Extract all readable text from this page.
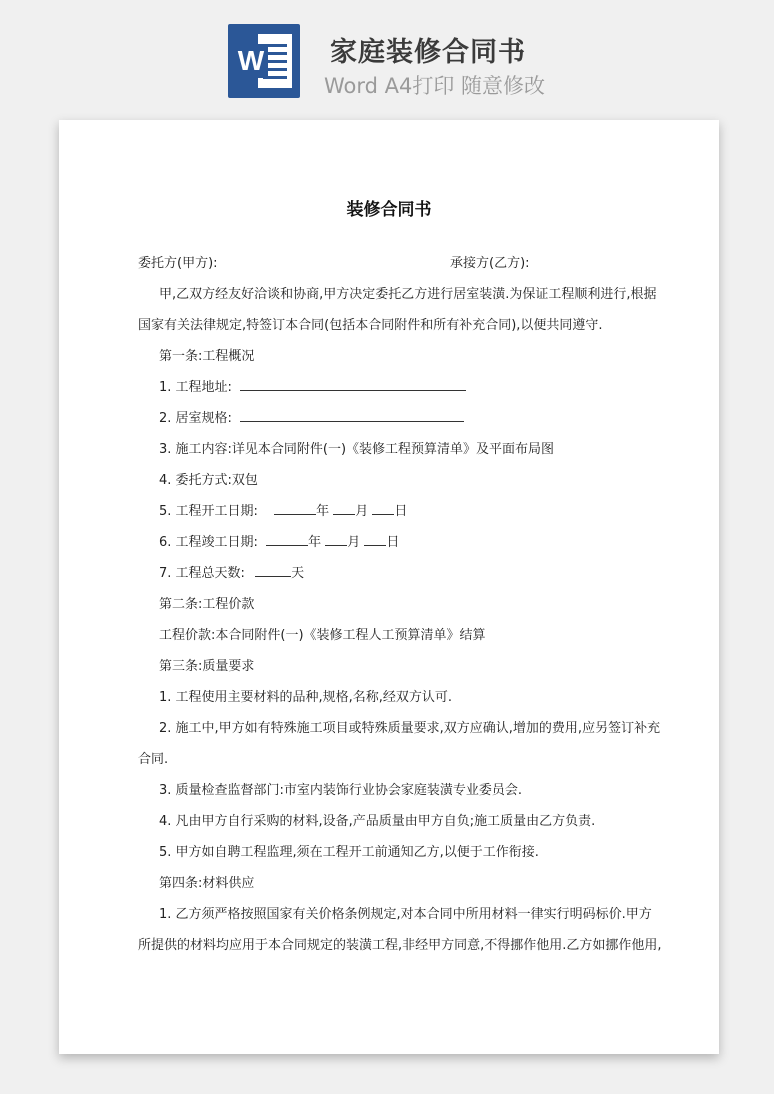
W 家庭装修合同书
Word A4打印 随意修改
装修合同书
委托方(甲方):	承接方(乙方):
甲,乙双方经友好洽谈和协商,甲方决定委托乙方进行居室装潢.为保证工程顺利进行,根据
国家有关法律规定,特签订本合同(包括本合同附件和所有补充合同),以便共同遵守.
第一条:工程概况
1. 工程地址:
2. 居室规格:
3. 施工内容:详见本合同附件(一)《装修工程预算清单》及平面布局图
4. 委托方式:双包
5. 工程开工日期:	年 月 日
6. 工程竣工日期:	年 月 日
7. 工程总天数:	天
第二条:工程价款
工程价款:本合同附件(一)《装修工程人工预算清单》结算
第三条:质量要求
1. 工程使用主要材料的品种,规格,名称,经双方认可.
2. 施工中,甲方如有特殊施工项目或特殊质量要求,双方应确认,增加的费用,应另签订补充
合同.
3. 质量检查监督部门:市室内装饰行业协会家庭装潢专业委员会.
4. 凡由甲方自行采购的材料,设备,产品质量由甲方自负;施工质量由乙方负责.
5. 甲方如自聘工程监理,须在工程开工前通知乙方,以便于工作衔接.
第四条:材料供应
1. 乙方须严格按照国家有关价格条例规定,对本合同中所用材料一律实行明码标价.甲方
所提供的材料均应用于本合同规定的装潢工程,非经甲方同意,不得挪作他用.乙方如挪作他用,
